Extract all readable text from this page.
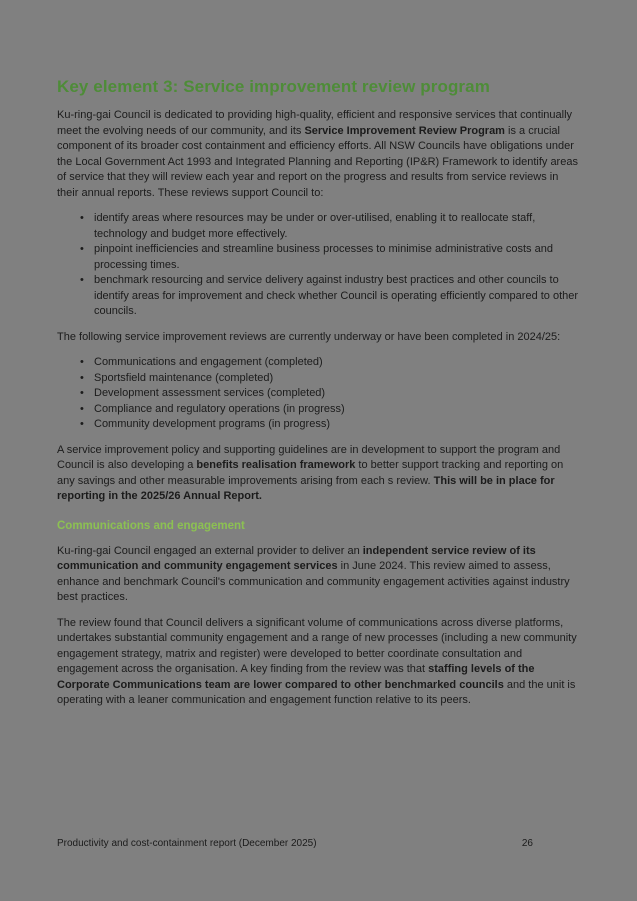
Key element 3: Service improvement review program

Ku-ring-gai Council is dedicated to providing high-quality, efficient and responsive services that continually meet the evolving needs of our community, and its Service Improvement Review Program is a crucial component of its broader cost containment and efficiency efforts. All NSW Councils have obligations under the Local Government Act 1993 and Integrated Planning and Reporting (IP&R) Framework to identify areas of service that they will review each year and report on the progress and results from service reviews in their annual reports. These reviews support Council to:

• identify areas where resources may be under or over-utilised, enabling it to reallocate staff, technology and budget more effectively.
• pinpoint inefficiencies and streamline business processes to minimise administrative costs and processing times.
• benchmark resourcing and service delivery against industry best practices and other councils to identify areas for improvement and check whether Council is operating efficiently compared to other councils.

The following service improvement reviews are currently underway or have been completed in 2024/25:

• Communications and engagement (completed)
• Sportsfield maintenance (completed)
• Development assessment services (completed)
• Compliance and regulatory operations (in progress)
• Community development programs (in progress)

A service improvement policy and supporting guidelines are in development to support the program and Council is also developing a benefits realisation framework to better support tracking and reporting on any savings and other measurable improvements arising from each s review. This will be in place for reporting in the 2025/26 Annual Report.

Communications and engagement

Ku-ring-gai Council engaged an external provider to deliver an independent service review of its communication and community engagement services in June 2024. This review aimed to assess, enhance and benchmark Council's communication and community engagement activities against industry best practices.

The review found that Council delivers a significant volume of communications across diverse platforms, undertakes substantial community engagement and a range of new processes (including a new community engagement strategy, matrix and register) were developed to better coordinate consultation and engagement across the organisation. A key finding from the review was that staffing levels of the Corporate Communications team are lower compared to other benchmarked councils and the unit is operating with a leaner communication and engagement function relative to its peers.

Productivity and cost-containment report (December 2025)	26
